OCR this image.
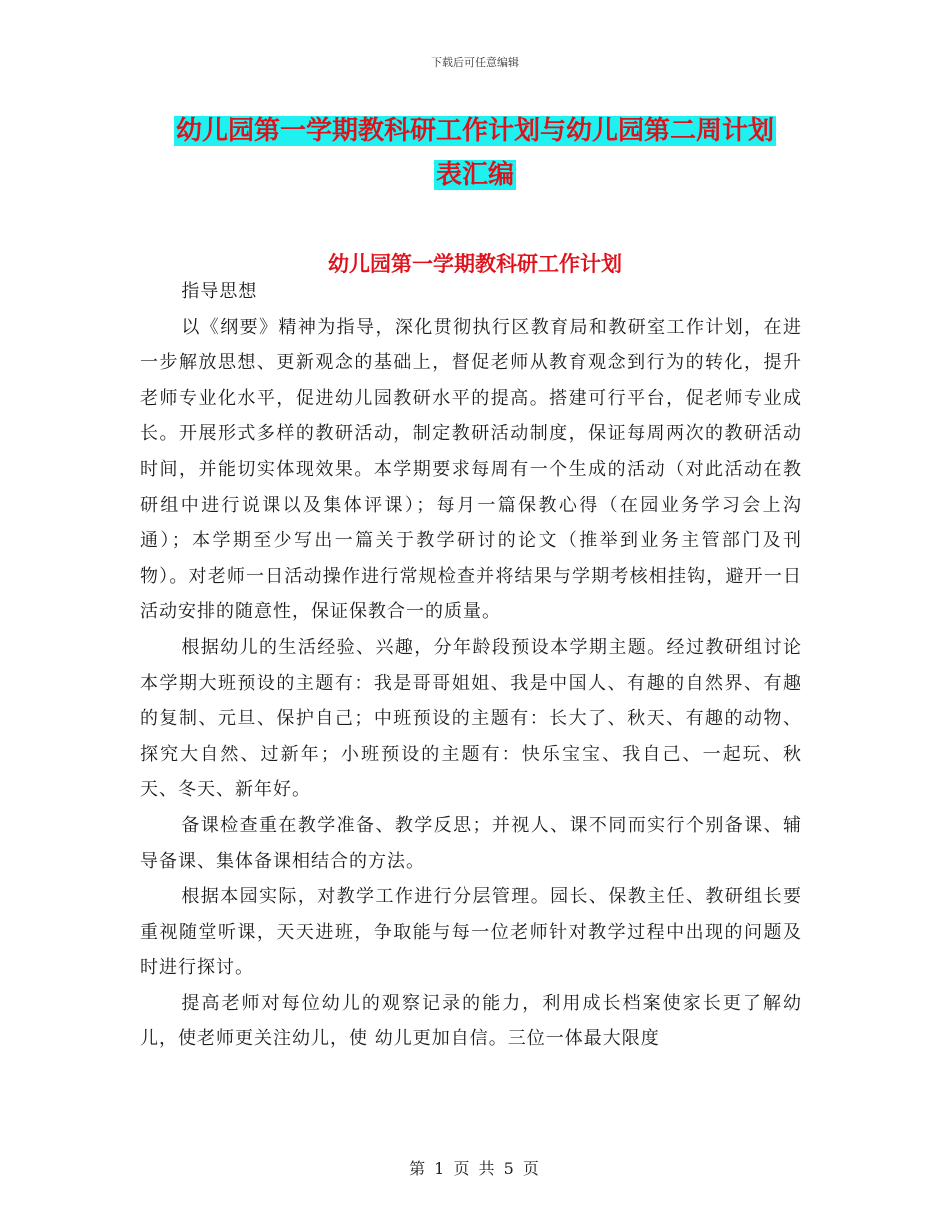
下载后可任意编辑
幼儿园第一学期教科研工作计划与幼儿园第二周计划
表汇编
幼儿园第一学期教科研工作计划

指导思想

以《纲要》精神为指导，深化贯彻执行区教育局和教研室工作计划，在进一步解放思想、更新观念的基础上，督促老师从教育观念到行为的转化，提升老师专业化水平，促进幼儿园教研水平的提高。搭建可行平台，促老师专业成长。开展形式多样的教研活动，制定教研活动制度，保证每周两次的教研活动时间，并能切实体现效果。本学期要求每周有一个生成的活动（对此活动在教研组中进行说课以及集体评课）；每月一篇保教心得（在园业务学习会上沟通）；本学期至少写出一篇关于教学研讨的论文（推举到业务主管部门及刊物）。对老师一日活动操作进行常规检查并将结果与学期考核相挂钩，避开一日活动安排的随意性，保证保教合一的质量。

根据幼儿的生活经验、兴趣，分年龄段预设本学期主题。经过教研组讨论本学期大班预设的主题有：我是哥哥姐姐、我是中国人、有趣的自然界、有趣的复制、元旦、保护自己；中班预设的主题有：长大了、秋天、有趣的动物、探究大自然、过新年；小班预设的主题有：快乐宝宝、我自己、一起玩、秋天、冬天、新年好。

备课检查重在教学准备、教学反思；并视人、课不同而实行个别备课、辅导备课、集体备课相结合的方法。

根据本园实际，对教学工作进行分层管理。园长、保教主任、教研组长要重视随堂听课，天天进班，争取能与每一位老师针对教学过程中出现的问题及时进行探讨。

提高老师对每位幼儿的观察记录的能力，利用成长档案使家长更了解幼儿，使老师更关注幼儿，使 幼儿更加自信。三位一体最大限度

第 1 页 共 5 页
